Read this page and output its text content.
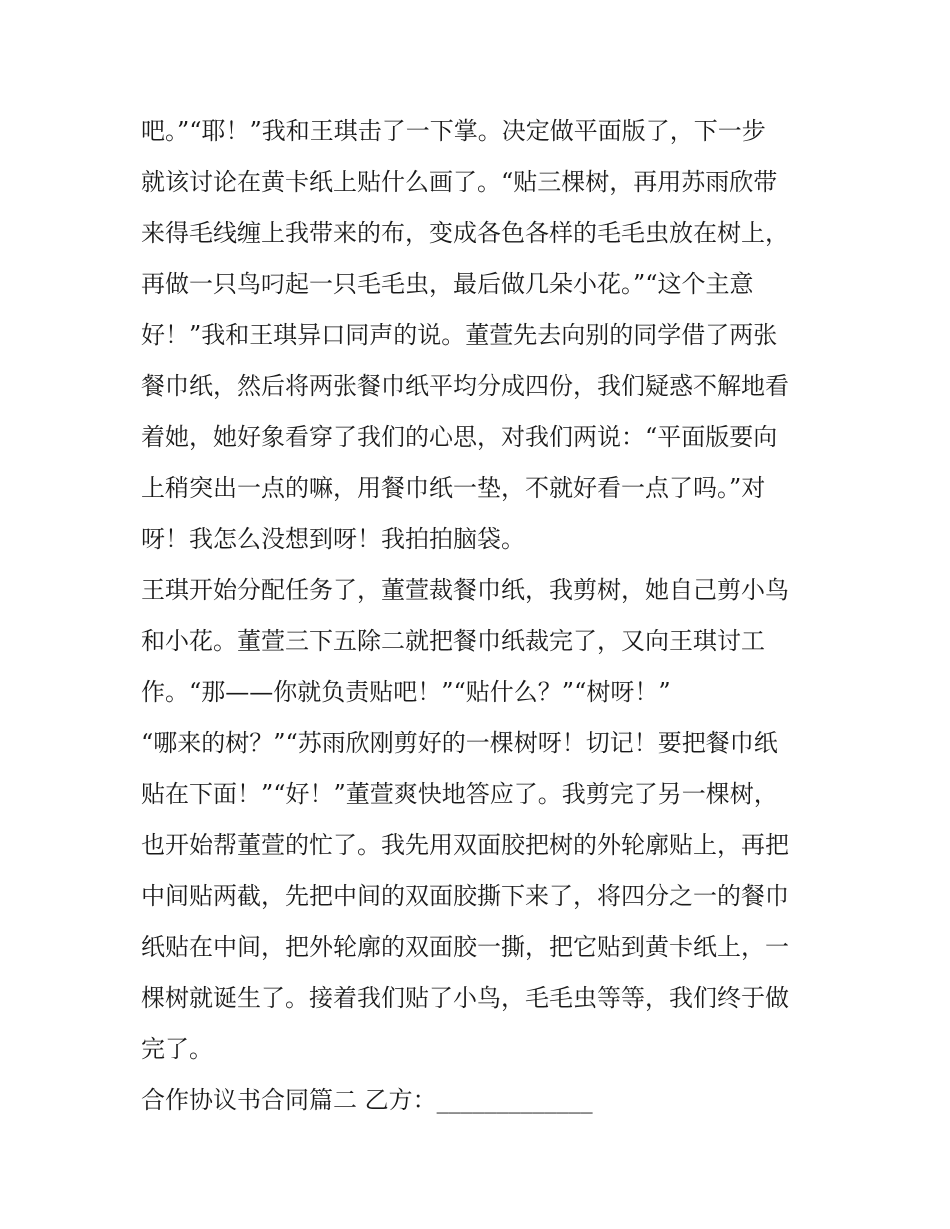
吧。”“耶！”我和王琪击了一下掌。决定做平面版了，下一步
就该讨论在黄卡纸上贴什么画了。“贴三棵树，再用苏雨欣带
来得毛线缠上我带来的布，变成各色各样的毛毛虫放在树上，
再做一只鸟叼起一只毛毛虫，最后做几朵小花。”“这个主意
好！”我和王琪异口同声的说。董萱先去向别的同学借了两张
餐巾纸，然后将两张餐巾纸平均分成四份，我们疑惑不解地看
着她，她好象看穿了我们的心思，对我们两说：“平面版要向
上稍突出一点的嘛，用餐巾纸一垫，不就好看一点了吗。”对
呀！我怎么没想到呀！我拍拍脑袋。
王琪开始分配任务了，董萱裁餐巾纸，我剪树，她自己剪小鸟
和小花。董萱三下五除二就把餐巾纸裁完了，又向王琪讨工
作。“那——你就负责贴吧！”“贴什么？”“树呀！”
“哪来的树？”“苏雨欣刚剪好的一棵树呀！切记！要把餐巾纸
贴在下面！”“好！”董萱爽快地答应了。我剪完了另一棵树，
也开始帮董萱的忙了。我先用双面胶把树的外轮廓贴上，再把
中间贴两截，先把中间的双面胶撕下来了，将四分之一的餐巾
纸贴在中间，把外轮廓的双面胶一撕，把它贴到黄卡纸上，一
棵树就诞生了。接着我们贴了小鸟，毛毛虫等等，我们终于做
完了。
合作协议书合同篇二 乙方：_____________
